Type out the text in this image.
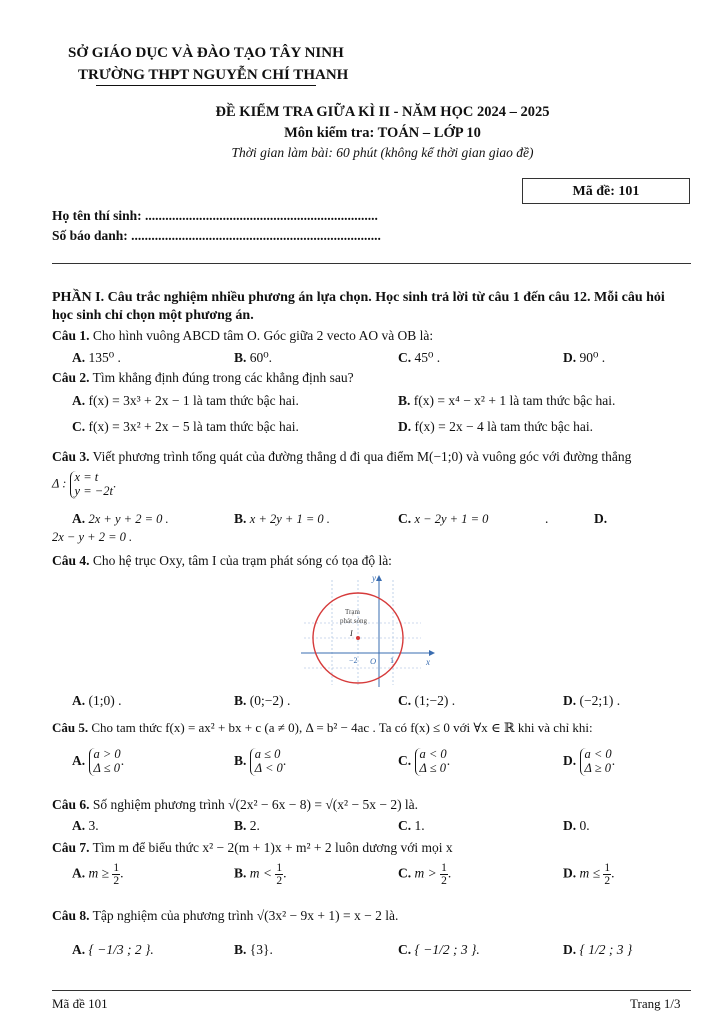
SỞ GIÁO DỤC VÀ ĐÀO TẠO TÂY NINH
TRƯỜNG THPT NGUYỄN CHÍ THANH
ĐỀ KIỂM TRA GIỮA KÌ II - NĂM HỌC 2024 – 2025
Môn kiểm tra: TOÁN – LỚP 10
Thời gian làm bài: 60 phút (không kể thời gian giao đề)
Mã đề: 101
Họ tên thí sinh: .....................................................................
Số báo danh: ..........................................................................
PHẦN I. Câu trắc nghiệm nhiều phương án lựa chọn. Học sinh trả lời từ câu 1 đến câu 12. Mỗi câu hỏi
học sinh chỉ chọn một phương án.
Câu 1. Cho hình vuông ABCD tâm O. Góc giữa 2 vecto AO và OB là:
A. 135⁰ .	B. 60⁰.	C. 45⁰ .	D. 90⁰ .
Câu 2. Tìm khẳng định đúng trong các khẳng định sau?
A. f(x) = 3x³ + 2x − 1 là tam thức bậc hai.	B. f(x) = x⁴ − x² + 1 là tam thức bậc hai.
C. f(x) = 3x² + 2x − 5 là tam thức bậc hai.	D. f(x) = 2x − 4 là tam thức bậc hai.
Câu 3. Viết phương trình tổng quát của đường thẳng d đi qua điểm M(−1;0) và vuông góc với đường thẳng
Δ : x = t
y = −2t
.
A. 2x + y + 2 = 0 .	B. x + 2y + 1 = 0 .	C. x − 2y + 1 = 0	.	D.
2x − y + 2 = 0 .
Câu 4. Cho hệ trục Oxy, tâm I của trạm phát sóng có tọa độ là:
y
x
O
Trạm
phát sóng
I
−2	1
A. (1;0) .	B. (0;−2) .	C. (1;−2) .	D. (−2;1) .
Câu 5. Cho tam thức f(x) = ax² + bx + c (a ≠ 0), Δ = b² − 4ac . Ta có f(x) ≤ 0 với ∀x ∈ ℝ khi và chỉ khi:
A. a > 0
Δ ≤ 0 .	B. a ≤ 0
Δ < 0 .	C. a < 0
Δ ≤ 0 .	D. a < 0
Δ ≥ 0 .
Câu 6. Số nghiệm phương trình √(2x² − 6x − 8) = √(x² − 5x − 2) là.
A. 3.	B. 2.	C. 1.	D. 0.
Câu 7. Tìm m để biểu thức x² − 2(m + 1)x + m² + 2 luôn dương với mọi x
A. $m \ge \frac{1}{2}$ .	B. $m < \frac{1}{2}$ .	C. $m > \frac{1}{2}$ .	D. $m \le \frac{1}{2}$ .
Câu 8. Tập nghiệm của phương trình √(3x² − 9x + 1) = x − 2 là.
A. { −1/3 ; 2 }.	B. {3}.	C. { −1/2 ; 3 }.	D. { 1/2 ; 3 }
Mã đề 101	Trang 1/3
